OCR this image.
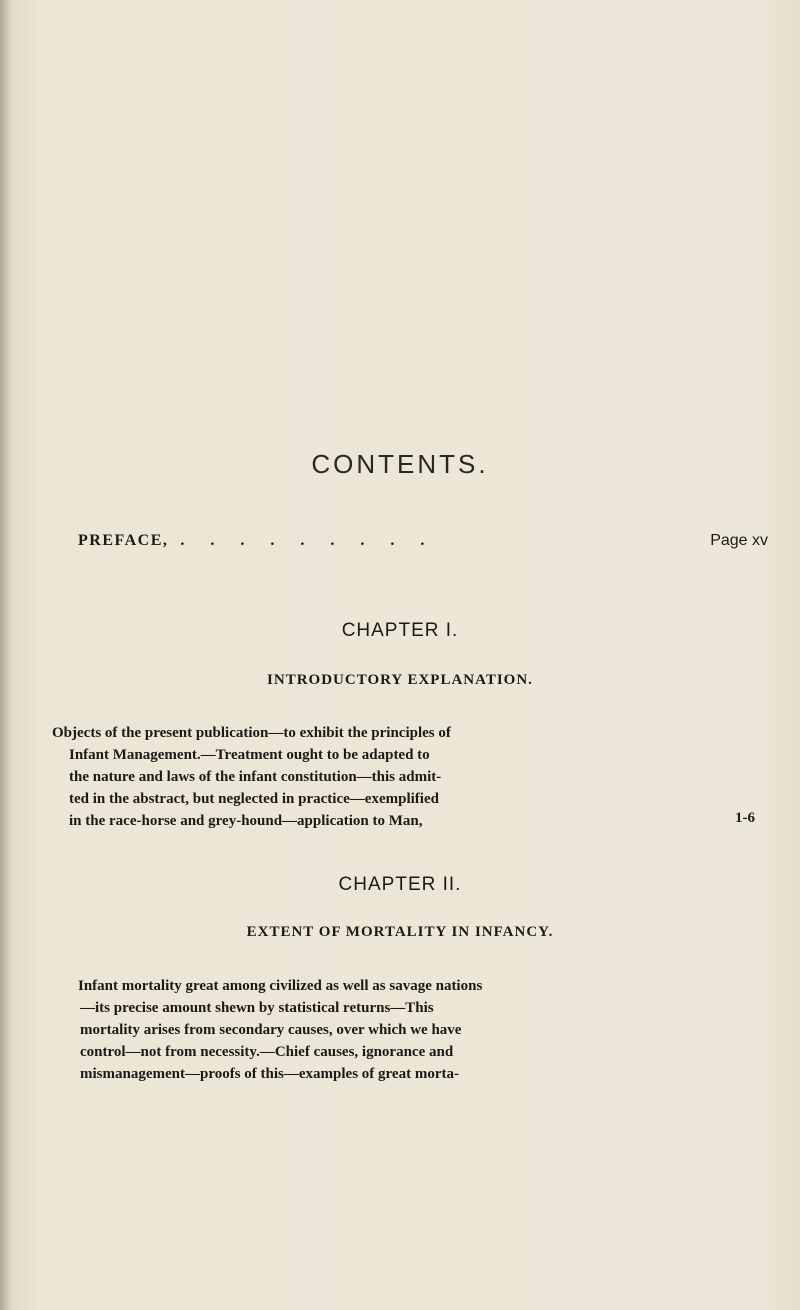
CONTENTS.
PREFACE, . . . . . . . . .	Page xv
CHAPTER I.
INTRODUCTORY EXPLANATION.
Objects of the present publication—to exhibit the principles of
Infant Management.—Treatment ought to be adapted to
the nature and laws of the infant constitution—this admit-
ted in the abstract, but neglected in practice—exemplified
in the race-horse and grey-hound—application to Man,	1-6
CHAPTER II.
EXTENT OF MORTALITY IN INFANCY.
Infant mortality great among civilized as well as savage nations
—its precise amount shewn by statistical returns—This
mortality arises from secondary causes, over which we have
control—not from necessity.—Chief causes, ignorance and
mismanagement—proofs of this—examples of great morta-
